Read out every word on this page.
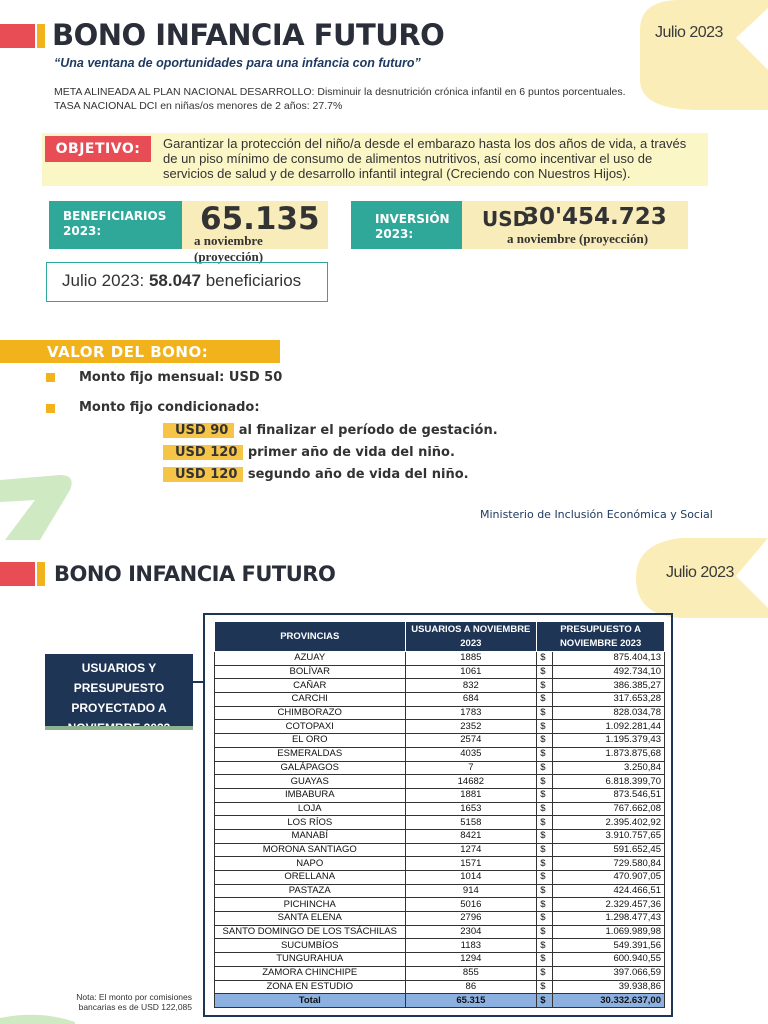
BONO INFANCIA FUTURO	Julio 2023
“Una ventana de oportunidades para una infancia con futuro”
META ALINEADA AL PLAN NACIONAL DESARROLLO: Disminuir la desnutrición crónica infantil en 6 puntos porcentuales.
TASA NACIONAL DCI en niñas/os menores de 2 años: 27.7%
OBJETIVO:	Garantizar la protección del niño/a desde el embarazo hasta los dos años de vida, a través de un piso mínimo de consumo de alimentos nutritivos, así como incentivar el uso de servicios de salud y de desarrollo infantil integral (Creciendo con Nuestros Hijos).
BENEFICIARIOS
2023:	65.135
a noviembre (proyección)
INVERSIÓN
2023:
USD
30'454.723
a noviembre (proyección)
Julio 2023: 58.047 beneficiarios
VALOR DEL BONO:
Monto fijo mensual: USD 50
Monto fijo condicionado:
USD 90 al finalizar el período de gestación.
USD 120 primer año de vida del niño.
USD 120 segundo año de vida del niño.
Ministerio de Inclusión Económica y Social
BONO INFANCIA FUTURO	Julio 2023
USUARIOS Y PRESUPUESTO PROYECTADO A
PROVINCIAS	USUARIOS A NOVIEMBRE 2023	PRESUPUESTO A NOVIEMBRE 2023	
AZUAY	1885	$	875.404,13
BOLÍVAR	1061	$	492.734,10
CAÑAR	832	$	386.385,27
CARCHI	684	$	317.653,28
CHIMBORAZO	1783	$	828.034,78
COTOPAXI	2352	$	1.092.281,44
EL ORO	2574	$	1.195.379,43
ESMERALDAS	4035	$	1.873.875,68
GALÁPAGOS	7	$	3.250,84
GUAYAS	14682	$	6.818.399,70
IMBABURA	1881	$	873.546,51
LOJA	1653	$	767.662,08
LOS RÍOS	5158	$	2.395.402,92
MANABÍ	8421	$	3.910.757,65
MORONA SANTIAGO	1274	$	591.652,45
NAPO	1571	$	729.580,84
ORELLANA	1014	$	470.907,05
PASTAZA	914	$	424.466,51
PICHINCHA	5016	$	2.329.457,36
SANTA ELENA	2796	$	1.298.477,43
SANTO DOMINGO DE LOS TSÁCHILAS	2304	$	1.069.989,98
SUCUMBÍOS	1183	$	549.391,56
TUNGURAHUA	1294	$	600.940,55
ZAMORA CHINCHIPE	855	$	397.066,59
ZONA EN ESTUDIO	86	$	39.938,86
Total	65.315	$	30.332.637,00
Nota: El monto por comisiones bancarias es de USD 122,085
